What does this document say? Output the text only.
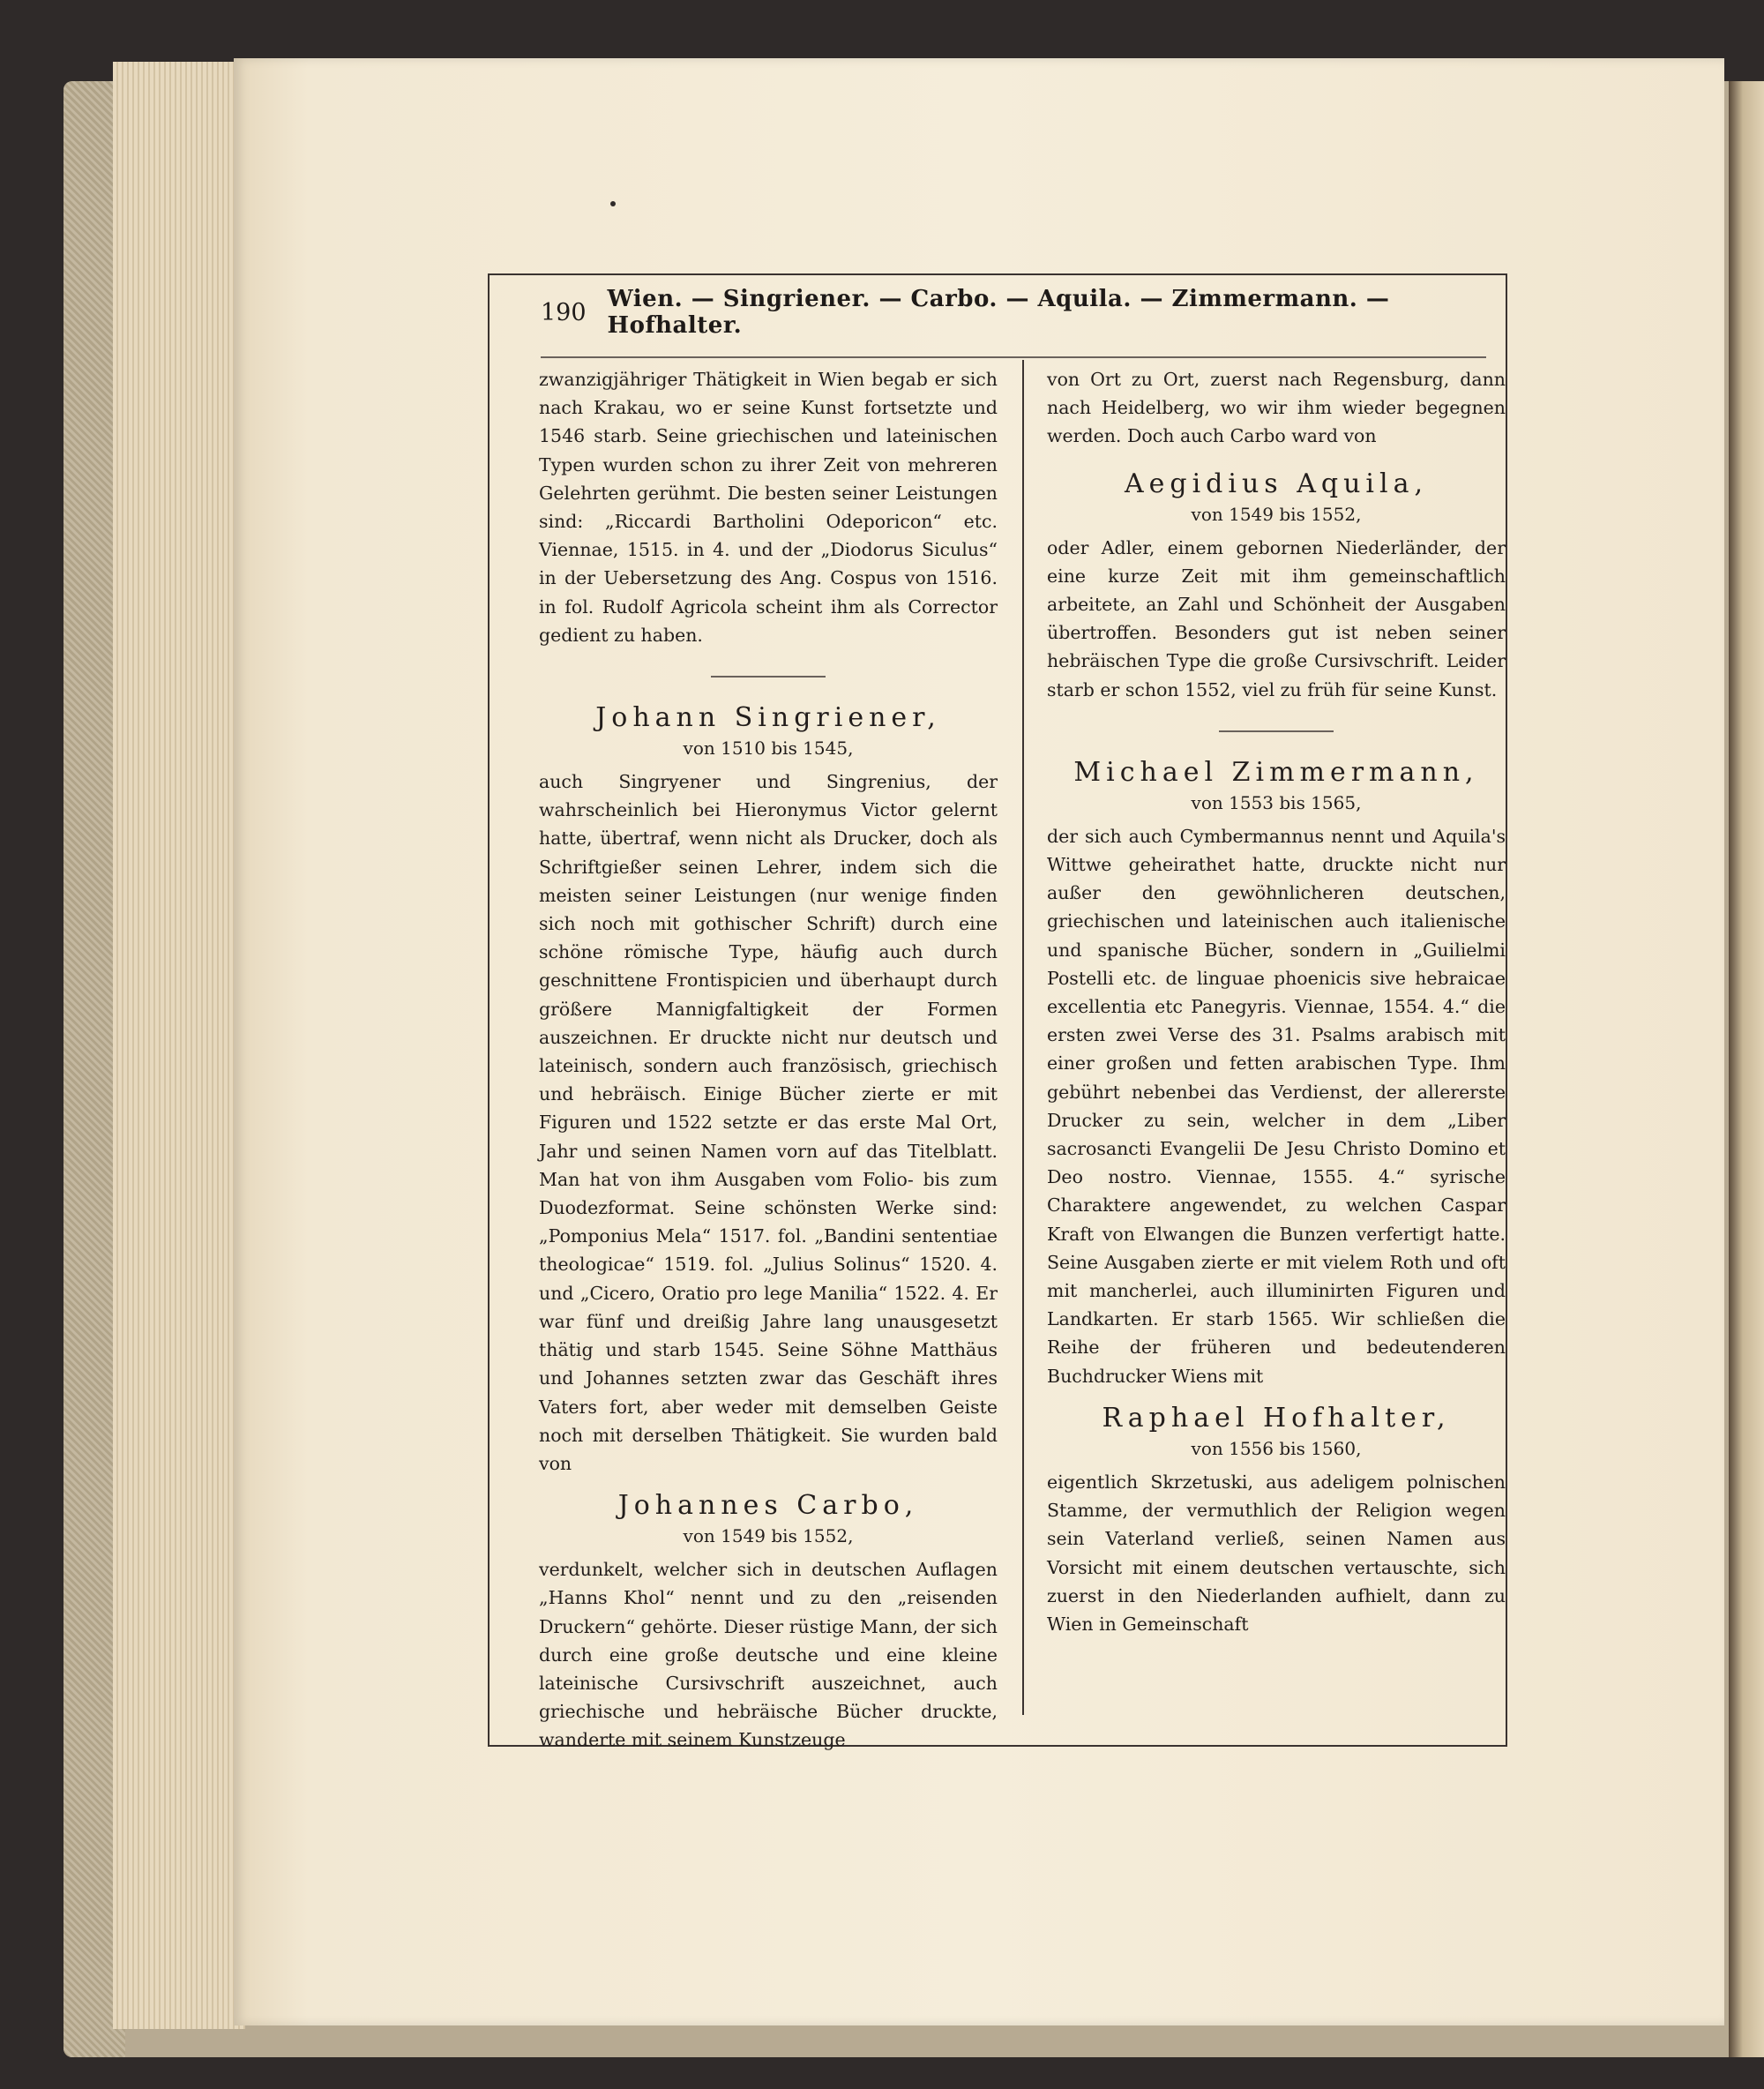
190 Wien. — Singriener. — Carbo. — Aquila. — Zimmermann. — Hofhalter.

zwanzigjähriger Thätigkeit in Wien begab er sich nach Krakau, wo er seine Kunst fortsetzte und 1546 starb. Seine griechischen und lateinischen Typen wurden schon zu ihrer Zeit von mehreren Gelehrten gerühmt. Die besten seiner Leistungen sind: „Riccardi Bartholini Odeporicon“ etc. Viennae, 1515. in 4. und der „Diodorus Siculus“ in der Uebersetzung des Ang. Cospus von 1516. in fol. Rudolf Agricola scheint ihm als Corrector gedient zu haben.

Johann Singriener,
von 1510 bis 1545,

auch Singryener und Singrenius, der wahrscheinlich bei Hieronymus Victor gelernt hatte, übertraf, wenn nicht als Drucker, doch als Schriftgießer seinen Lehrer, indem sich die meisten seiner Leistungen (nur wenige finden sich noch mit gothischer Schrift) durch eine schöne römische Type, häufig auch durch geschnittene Frontispicien und überhaupt durch größere Mannigfaltigkeit der Formen auszeichnen. Er druckte nicht nur deutsch und lateinisch, sondern auch französisch, griechisch und hebräisch. Einige Bücher zierte er mit Figuren und 1522 setzte er das erste Mal Ort, Jahr und seinen Namen vorn auf das Titelblatt. Man hat von ihm Ausgaben vom Folio- bis zum Duodezformat. Seine schönsten Werke sind: „Pomponius Mela“ 1517. fol. „Bandini sententiae theologicae“ 1519. fol. „Julius Solinus“ 1520. 4. und „Cicero, Oratio pro lege Manilia“ 1522. 4. Er war fünf und dreißig Jahre lang unausgesetzt thätig und starb 1545. Seine Söhne Matthäus und Johannes setzten zwar das Geschäft ihres Vaters fort, aber weder mit demselben Geiste noch mit derselben Thätigkeit. Sie wurden bald von

Johannes Carbo,
von 1549 bis 1552,

verdunkelt, welcher sich in deutschen Auflagen „Hanns Khol“ nennt und zu den „reisenden Druckern“ gehörte. Dieser rüstige Mann, der sich durch eine große deutsche und eine kleine lateinische Cursivschrift auszeichnet, auch griechische und hebräische Bücher druckte, wanderte mit seinem Kunstzeuge

von Ort zu Ort, zuerst nach Regensburg, dann nach Heidelberg, wo wir ihm wieder begegnen werden. Doch auch Carbo ward von

Aegidius Aquila,
von 1549 bis 1552,

oder Adler, einem gebornen Niederländer, der eine kurze Zeit mit ihm gemeinschaftlich arbeitete, an Zahl und Schönheit der Ausgaben übertroffen. Besonders gut ist neben seiner hebräischen Type die große Cursivschrift. Leider starb er schon 1552, viel zu früh für seine Kunst.

Michael Zimmermann,
von 1553 bis 1565,

der sich auch Cymbermannus nennt und Aquila's Wittwe geheirathet hatte, druckte nicht nur außer den gewöhnlicheren deutschen, griechischen und lateinischen auch italienische und spanische Bücher, sondern in „Guilielmi Postelli etc. de linguae phoenicis sive hebraicae excellentia etc Panegyris. Viennae, 1554. 4.“ die ersten zwei Verse des 31. Psalms arabisch mit einer großen und fetten arabischen Type. Ihm gebührt nebenbei das Verdienst, der allererste Drucker zu sein, welcher in dem „Liber sacrosancti Evangelii De Jesu Christo Domino et Deo nostro. Viennae, 1555. 4.“ syrische Charaktere angewendet, zu welchen Caspar Kraft von Elwangen die Bunzen verfertigt hatte. Seine Ausgaben zierte er mit vielem Roth und oft mit mancherlei, auch illuminirten Figuren und Landkarten. Er starb 1565. Wir schließen die Reihe der früheren und bedeutenderen Buchdrucker Wiens mit

Raphael Hofhalter,
von 1556 bis 1560,

eigentlich Skrzetuski, aus adeligem polnischen Stamme, der vermuthlich der Religion wegen sein Vaterland verließ, seinen Namen aus Vorsicht mit einem deutschen vertauschte, sich zuerst in den Niederlanden aufhielt, dann zu Wien in Gemeinschaft
